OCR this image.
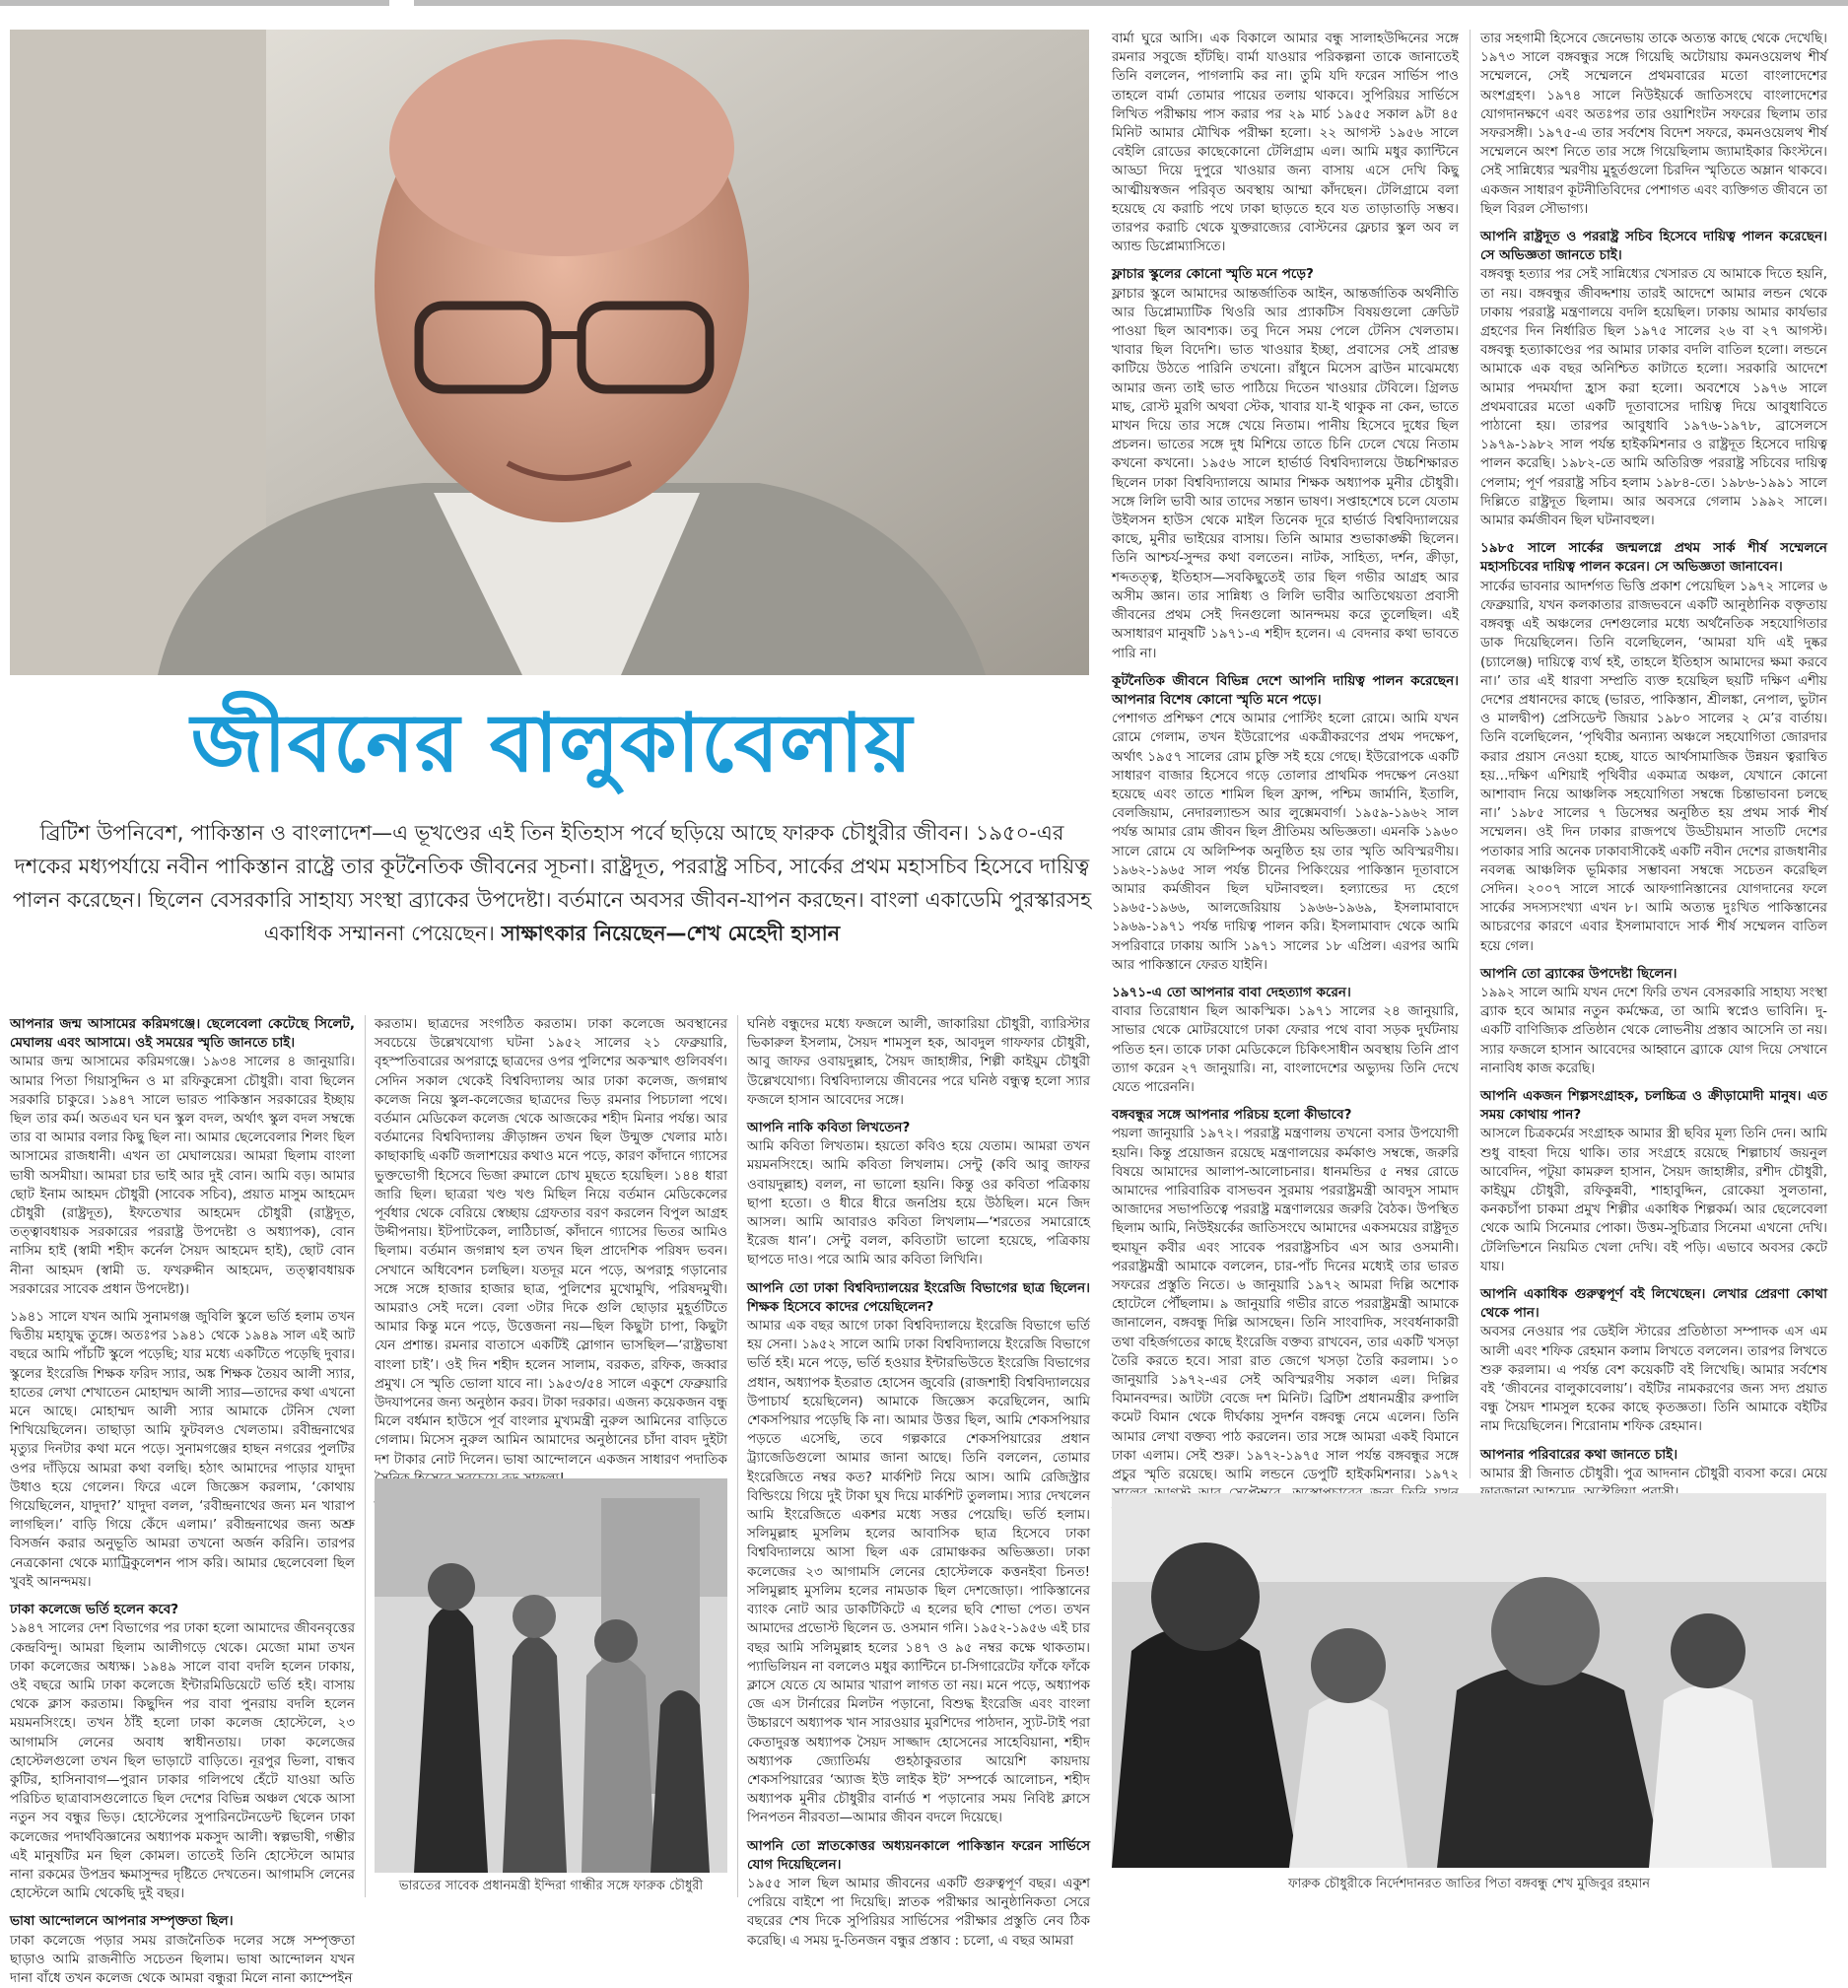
জীবনের বালুকাবেলায়
ব্রিটিশ উপনিবেশ, পাকিস্তান ও বাংলাদেশ—এ ভূখণ্ডের এই তিন ইতিহাস পর্বে ছড়িয়ে আছে ফারুক চৌধুরীর জীবন। ১৯৫০-এর দশকের মধ্যপর্যায়ে নবীন পাকিস্তান রাষ্ট্রে তার কূটনৈতিক জীবনের সূচনা। রাষ্ট্রদূত, পররাষ্ট্র সচিব, সার্কের প্রথম মহাসচিব হিসেবে দায়িত্ব পালন করেছেন। ছিলেন বেসরকারি সাহায্য সংস্থা ব্র্যাকের উপদেষ্টা। বর্তমানে অবসর জীবন-যাপন করছেন। বাংলা একাডেমি পুরস্কারসহ একাধিক সম্মাননা পেয়েছেন। সাক্ষাৎকার নিয়েছেন—শেখ মেহেদী হাসান
আপনার জন্ম আসামের করিমগঞ্জে। ছেলেবেলা কেটেছে সিলেট, মেঘালয় এবং আসামে। ওই সময়ের স্মৃতি জানতে চাই।

আমার জন্ম আসামের করিমগঞ্জে। ১৯৩৪ সালের ৪ জানুয়ারি। আমার পিতা গিয়াসুদ্দিন ও মা রফিকুন্নেসা চৌধুরী। বাবা ছিলেন সরকারি চাকুরে। ১৯৪৭ সালে ভারত পাকিস্তান সরকারের ইচ্ছায় ছিল তার কর্ম। অতএব ঘন ঘন স্কুল বদল, অর্থাৎ স্কুল বদল সম্বন্ধে তার বা আমার বলার কিছু ছিল না। আমার ছেলেবেলার শিলং ছিল আসামের রাজধানী। এখন তা মেঘালয়ের। আমরা ছিলাম বাংলা ভাষী অসমীয়া। আমরা চার ভাই আর দুই বোন। আমি বড়। আমার ছোট ইনাম আহমদ চৌধুরী (সাবেক সচিব), প্রয়াত মাসুম আহমেদ চৌধুরী (রাষ্ট্রদূত), ইফতেখার আহমেদ চৌধুরী (রাষ্ট্রদূত, তত্ত্বাবধায়ক সরকারের পররাষ্ট্র উপদেষ্টা ও অধ্যাপক), বোন নাসিম হাই (স্বামী শহীদ কর্নেল সৈয়দ আহমেদ হাই), ছোট বোন নীনা আহমদ (স্বামী ড. ফখরুদ্দীন আহমেদ, তত্ত্বাবধায়ক সরকারের সাবেক প্রধান উপদেষ্টা)।

১৯৪১ সালে যখন আমি সুনামগঞ্জ জুবিলি স্কুলে ভর্তি হলাম তখন দ্বিতীয় মহাযুদ্ধ তুঙ্গে। অতঃপর ১৯৪১ থেকে ১৯৪৯ সাল এই আট বছরে আমি পাঁচটি স্কুলে পড়েছি; যার মধ্যে একটিতে পড়েছি দুবার। স্কুলের ইংরেজি শিক্ষক ফরিদ স্যার, অঙ্ক শিক্ষক তৈয়ব আলী স্যার, হাতের লেখা শেখাতেন মোহাম্মদ আলী স্যার—তাদের কথা এখনো মনে আছে। মোহাম্মদ আলী স্যার আমাকে টেনিস খেলা শিখিয়েছিলেন। তাছাড়া আমি ফুটবলও খেলতাম। রবীন্দ্রনাথের মৃত্যুর দিনটার কথা মনে পড়ে। সুনামগঞ্জের হাছন নগরের পুলটির ওপর দাঁড়িয়ে আমরা কথা বলছি। হঠাৎ আমাদের পাড়ার যাদুদা উধাও হয়ে গেলেন। ফিরে এলে জিজ্ঞেস করলাম, ‘কোথায় গিয়েছিলেন, যাদুদা?’ যাদুদা বলল, ‘রবীন্দ্রনাথের জন্য মন খারাপ লাগছিল।’ বাড়ি গিয়ে কেঁদে এলাম।’ রবীন্দ্রনাথের জন্য অশ্রু বিসর্জন করার অনুভূতি আমরা তখনো অর্জন করিনি। তারপর নেত্রকোনা থেকে ম্যাট্রিকুলেশন পাস করি। আমার ছেলেবেলা ছিল খুবই আনন্দময়।

ঢাকা কলেজে ভর্তি হলেন কবে?

১৯৪৭ সালের দেশ বিভাগের পর ঢাকা হলো আমাদের জীবনবৃত্তের কেন্দ্রবিন্দু। আমরা ছিলাম আলীগড়ে থেকে। মেজো মামা তখন ঢাকা কলেজের অধ্যক্ষ। ১৯৪৯ সালে বাবা বদলি হলেন ঢাকায়, ওই বছরে আমি ঢাকা কলেজে ইন্টারমিডিয়েটে ভর্তি হই। বাসায় থেকে ক্লাস করতাম। কিছুদিন পর বাবা পুনরায় বদলি হলেন ময়মনসিংহে। তখন ঠাঁই হলো ঢাকা কলেজ হোস্টেলে, ২৩ আগামসি লেনের অবাধ স্বাধীনতায়। ঢাকা কলেজের হোস্টেলগুলো তখন ছিল ভাড়াটে বাড়িতে। নূরপুর ভিলা, বান্ধব কুটির, হাসিনাবাগ—পুরান ঢাকার গলিপথে হেঁটে যাওয়া অতি পরিচিত ছাত্রাবাসগুলোতে ছিল দেশের বিভিন্ন অঞ্চল থেকে আসা নতুন সব বন্ধুর ভিড়। হোস্টেলের সুপারিনটেনডেন্ট ছিলেন ঢাকা কলেজের পদার্থবিজ্ঞানের অধ্যাপক মকসুদ আলী। স্বল্পভাষী, গম্ভীর এই মানুষটির মন ছিল কোমল। তাতেই তিনি হোস্টেলে আমার নানা রকমের উপদ্রব ক্ষমাসুন্দর দৃষ্টিতে দেখতেন। আগামসি লেনের হোস্টেলে আমি থেকেছি দুই বছর।

ভাষা আন্দোলনে আপনার সম্পৃক্ততা ছিল।

ঢাকা কলেজে পড়ার সময় রাজনৈতিক দলের সঙ্গে সম্পৃক্ততা ছাড়াও আমি রাজনীতি সচেতন ছিলাম। ভাষা আন্দোলন যখন দানা বাঁধে তখন কলেজ থেকে আমরা বন্ধুরা মিলে নানা ক্যাম্পেইন

করতাম। ছাত্রদের সংগঠিত করতাম। ঢাকা কলেজে অবস্থানের সবচেয়ে উল্লেখযোগ্য ঘটনা ১৯৫২ সালের ২১ ফেব্রুয়ারি, বৃহস্পতিবারের অপরাহ্ণে ছাত্রদের ওপর পুলিশের অকস্মাৎ গুলিবর্ষণ। সেদিন সকাল থেকেই বিশ্ববিদ্যালয় আর ঢাকা কলেজ, জগন্নাথ কলেজ নিয়ে স্কুল-কলেজের ছাত্রদের ভিড় রমনার পিচঢালা পথে। বর্তমান মেডিকেল কলেজ থেকে আজকের শহীদ মিনার পর্যন্ত। আর বর্তমানের বিশ্ববিদ্যালয় ক্রীড়াঙ্গন তখন ছিল উন্মুক্ত খেলার মাঠ। কাছাকাছি একটি জলাশয়ের কথাও মনে পড়ে, কারণ কাঁদানে গ্যাসের ভুক্তভোগী হিসেবে ভিজা রুমালে চোখ মুছতে হয়েছিল। ১৪৪ ধারা জারি ছিল। ছাত্ররা খণ্ড খণ্ড মিছিল নিয়ে বর্তমান মেডিকেলের পূর্বধার থেকে বেরিয়ে স্বেচ্ছায় গ্রেফতার বরণ করলেন বিপুল আগ্রহ উদ্দীপনায়। ইটপাটকেল, লাঠিচার্জ, কাঁদানে গ্যাসের ভিতর আমিও ছিলাম। বর্তমান জগন্নাথ হল তখন ছিল প্রাদেশিক পরিষদ ভবন। সেখানে অধিবেশন চলছিল। যতদূর মনে পড়ে, অপরাহ্ণ গড়ানোর সঙ্গে সঙ্গে হাজার হাজার ছাত্র, পুলিশের মুখোমুখি, পরিষদমুখী। আমরাও সেই দলে। বেলা ৩টার দিকে গুলি ছোড়ার মুহূর্তটিতে আমার কিন্তু মনে পড়ে, উত্তেজনা নয়—ছিল কিছুটা চাপা, কিছুটা যেন প্রশান্ত। রমনার বাতাসে একটিই স্লোগান ভাসছিল—‘রাষ্ট্রভাষা বাংলা চাই’। ওই দিন শহীদ হলেন সালাম, বরকত, রফিক, জব্বার প্রমুখ। সে স্মৃতি ভোলা যাবে না। ১৯৫৩/৫৪ সালে একুশে ফেব্রুয়ারি উদযাপনের জন্য অনুষ্ঠান করব। টাকা দরকার। এজন্য কয়েকজন বন্ধু মিলে বর্ধমান হাউসে পূর্ব বাংলার মুখ্যমন্ত্রী নুরুল আমিনের বাড়িতে গেলাম। মিসেস নুরুল আমিন আমাদের অনুষ্ঠানের চাঁদা বাবদ দুইটা দশ টাকার নোট দিলেন। ভাষা আন্দোলনে একজন সাধারণ পদাতিক

ভারতের সাবেক প্রধানমন্ত্রী ইন্দিরা গান্ধীর সঙ্গে ফারুক চৌধুরী

ঘনিষ্ঠ বন্ধুদের মধ্যে ফজলে আলী, জাকারিয়া চৌধুরী, ব্যারিস্টার ভিকারুল ইসলাম, সৈয়দ শামসুল হক, আবদুল গাফফার চৌধুরী, আবু জাফর ওবায়দুল্লাহ, সৈয়দ জাহাঙ্গীর, শিল্পী কাইয়ুম চৌধুরী উল্লেখযোগ্য। বিশ্ববিদ্যালয়ে জীবনের পরে ঘনিষ্ঠ বন্ধুত্ব হলো স্যার ফজলে হাসান আবেদের সঙ্গে।

আপনি নাকি কবিতা লিখতেন?

আমি কবিতা লিখতাম। হয়তো কবিও হয়ে যেতাম। আমরা তখন ময়মনসিংহে। আমি কবিতা লিখলাম। সেন্টু (কবি আবু জাফর ওবায়দুল্লাহ) বলল, না ভালো হয়নি। কিন্তু ওর কবিতা পত্রিকায় ছাপা হতো। ও ধীরে ধীরে জনপ্রিয় হয়ে উঠছিল। মনে জিদ আসল। আমি আবারও কবিতা লিখলাম—‘শরতের সমারোহে ইরেজ ধান’। সেন্টু বলল, কবিতাটা ভালো হয়েছে, পত্রিকায় ছাপতে দাও। পরে আমি আর কবিতা লিখিনি।

আপনি তো ঢাকা বিশ্ববিদ্যালয়ের ইংরেজি বিভাগের ছাত্র ছিলেন। শিক্ষক হিসেবে কাদের পেয়েছিলেন?

আমার এক বছর আগে ঢাকা বিশ্ববিদ্যালয়ে ইংরেজি বিভাগে ভর্তি হয় সেনা। ১৯৫২ সালে আমি ঢাকা বিশ্ববিদ্যালয়ে ইংরেজি বিভাগে ভর্তি হই। মনে পড়ে, ভর্তি হওয়ার ইন্টারভিউতে ইংরেজি বিভাগের প্রধান, অধ্যাপক ইতরাত হোসেন জুবেরি (রাজশাহী বিশ্ববিদ্যালয়ের উপাচার্য হয়েছিলেন) আমাকে জিজ্ঞেস করেছিলেন, আমি শেকসপিয়ার পড়েছি কি না। আমার উত্তর ছিল, আমি শেকসপিয়ার পড়তে এসেছি, তবে গল্পকারে শেকসপিয়ারের প্রধান ট্র্যাজেডিগুলো আমার জানা আছে। তিনি বললেন, তোমার ইংরেজিতে নম্বর কত? মার্কশিট নিয়ে আস। আমি রেজিস্ট্রার বিল্ডিংয়ে গিয়ে দুই টাকা ঘুষ দিয়ে মার্কশিট তুললাম। স্যার দেখলেন আমি ইংরেজিতে একশর মধ্যে সত্তর পেয়েছি। ভর্তি হলাম। সলিমুল্লাহ মুসলিম হলের আবাসিক ছাত্র হিসেবে ঢাকা বিশ্ববিদ্যালয়ে আসা ছিল এক রোমাঞ্চকর অভিজ্ঞতা। ঢাকা কলেজের ২৩ আগামসি লেনের হোস্টেলকে কত্তনইবা চিনত! সলিমুল্লাহ মুসলিম হলের নামডাক ছিল দেশজোড়া। পাকিস্তানের ব্যাংক নোট আর ডাকটিকিটে এ হলের ছবি শোভা পেত। তখন আমাদের প্রভোস্ট ছিলেন ড. ওসমান গনি। ১৯৫২-১৯৫৬ এই চার বছর আমি সলিমুল্লাহ হলের ১৪৭ ও ৯৫ নম্বর কক্ষে থাকতাম। প্যাভিলিয়ন না বললেও মধুর ক্যান্টিনে চা-সিগারেটের ফাঁকে ফাঁকে ক্লাসে যেতে যে আমার খারাপ লাগত তা নয়। মনে পড়ে, অধ্যাপক জে এস টার্নারের মিলটন পড়ানো, বিশুদ্ধ ইংরেজি এবং বাংলা উচ্চারণে অধ্যাপক খান সারওয়ার মুরশিদের পাঠদান, স্যুট-টাই পরা কেতাদুরস্ত অধ্যাপক সৈয়দ সাজ্জাদ হোসেনের সাহেবিয়ানা, শহীদ অধ্যাপক জ্যোতির্ময় গুহঠাকুরতার আয়েশি কায়দায় শেকসপিয়ারের ‘অ্যাজ ইউ লাইক ইট’ সম্পর্কে আলোচন, শহীদ অধ্যাপক মুনীর চৌধুরীর বার্নার্ড শ পড়ানোর সময় নিবিষ্ট ক্লাসে পিনপতন নীরবতা—আমার জীবন বদলে দিয়েছে।

আপনি তো স্নাতকোত্তর অধ্যয়নকালে পাকিস্তান ফরেন সার্ভিসে যোগ দিয়েছিলেন।

১৯৫৫ সাল ছিল আমার জীবনের একটি গুরুত্বপূর্ণ বছর। একুশ পেরিয়ে বাইশে পা দিয়েছি। স্নাতক পরীক্ষার আনুষ্ঠানিকতা সেরে বছরের শেষ দিকে সুপিরিয়র সার্ভিসের পরীক্ষার প্রস্তুতি নেব ঠিক করেছি। এ সময় দু-তিনজন বন্ধুর প্রস্তাব : চলো, এ বছর আমরা

বার্মা ঘুরে আসি। এক বিকালে আমার বন্ধু সালাহউদ্দিনের সঙ্গে রমনার সবুজে হাঁটছি। বার্মা যাওয়ার পরিকল্পনা তাকে জানাতেই তিনি বললেন, পাগলামি কর না। তুমি যদি ফরেন সার্ভিস পাও তাহলে বার্মা তোমার পায়ের তলায় থাকবে। সুপিরিয়র সার্ভিসে লিখিত পরীক্ষায় পাস করার পর ২৯ মার্চ ১৯৫৫ সকাল ৯টা ৪৫ মিনিট আমার মৌখিক পরীক্ষা হলো। ২২ আগস্ট ১৯৫৬ সালে বেইলি রোডের কাছেকোনো টেলিগ্রাম এল। আমি মধুর ক্যান্টিনে আড্ডা দিয়ে দুপুরে খাওয়ার জন্য বাসায় এসে দেখি কিছু আত্মীয়স্বজন পরিবৃত অবস্থায় আম্মা কাঁদছেন। টেলিগ্রামে বলা হয়েছে যে করাচি পথে ঢাকা ছাড়তে হবে যত তাড়াতাড়ি সম্ভব। তারপর করাচি থেকে যুক্তরাজ্যের বোস্টনের ফ্লেচার স্কুল অব ল অ্যান্ড ডিপ্লোম্যাসিতে।

ফ্লাচার স্কুলের কোনো স্মৃতি মনে পড়ে?

ফ্লাচার স্কুলে আমাদের আন্তর্জাতিক আইন, আন্তর্জাতিক অর্থনীতি আর ডিপ্লোম্যাটিক থিওরি আর প্র্যাকটিস বিষয়গুলো ক্রেডিট পাওয়া ছিল আবশ্যক। তবু দিনে সময় পেলে টেনিস খেলতাম। খাবার ছিল বিদেশি। ভাত খাওয়ার ইচ্ছা, প্রবাসের সেই প্রারম্ভ কাটিয়ে উঠতে পারিনি তখনো। রাঁধুনে মিসেস ব্রাউন মাঝেমধ্যে আমার জন্য তাই ভাত পাঠিয়ে দিতেন খাওয়ার টেবিলে। গ্রিলড মাছ, রোস্ট মুরগি অথবা স্টেক, খাবার যা-ই থাকুক না কেন, ভাতে মাখন দিয়ে তার সঙ্গে খেয়ে নিতাম। পানীয় হিসেবে দুধের ছিল প্রচলন। ভাতের সঙ্গে দুধ মিশিয়ে তাতে চিনি ঢেলে খেয়ে নিতাম কখনো কখনো। ১৯৫৬ সালে হার্ভার্ড বিশ্ববিদ্যালয়ে উচ্চশিক্ষারত ছিলেন ঢাকা বিশ্ববিদ্যালয়ে আমার শিক্ষক অধ্যাপক মুনীর চৌধুরী। সঙ্গে লিলি ভাবী আর তাদের সন্তান ভাষণ। সপ্তাহশেষে চলে যেতাম উইলসন হাউস থেকে মাইল তিনেক দূরে হার্ভার্ড বিশ্ববিদ্যালয়ের কাছে, মুনীর ভাইয়ের বাসায়। তিনি আমার শুভাকাঙ্ক্ষী ছিলেন। তিনি আশ্চর্য-সুন্দর কথা বলতেন। নাটক, সাহিত্য, দর্শন, ক্রীড়া, শব্দতত্ত্ব, ইতিহাস—সবকিছুতেই তার ছিল গভীর আগ্রহ আর অসীম জ্ঞান। তার সান্নিধ্য ও লিলি ভাবীর আতিথেয়তা প্রবাসী জীবনের প্রথম সেই দিনগুলো আনন্দময় করে তুলেছিল। এই অসাধারণ মানুষটি ১৯৭১-এ শহীদ হলেন। এ বেদনার কথা ভাবতে পারি না।

কূটনৈতিক জীবনে বিভিন্ন দেশে আপনি দায়িত্ব পালন করেছেন। আপনার বিশেষ কোনো স্মৃতি মনে পড়ে।

পেশাগত প্রশিক্ষণ শেষে আমার পোস্টিং হলো রোমে। আমি যখন রোমে গেলাম, তখন ইউরোপের একত্রীকরণের প্রথম পদক্ষেপ, অর্থাৎ ১৯৫৭ সালের রোম চুক্তি সই হয়ে গেছে। ইউরোপকে একটি সাধারণ বাজার হিসেবে গড়ে তোলার প্রাথমিক পদক্ষেপ নেওয়া হয়েছে এবং তাতে শামিল ছিল ফ্রান্স, পশ্চিম জার্মানি, ইতালি, বেলজিয়াম, নেদারল্যান্ডস আর লুক্সেমবার্গ। ১৯৫৯-১৯৬২ সাল পর্যন্ত আমার রোম জীবন ছিল প্রীতিময় অভিজ্ঞতা। এমনকি ১৯৬০ সালে রোমে যে অলিম্পিক অনুষ্ঠিত হয় তার স্মৃতি অবিস্মরণীয়। ১৯৬২-১৯৬৫ সাল পর্যন্ত চীনের পিকিংয়ের পাকিস্তান দূতাবাসে আমার কর্মজীবন ছিল ঘটনাবহুল। হল্যান্ডের দ্য হেগে ১৯৬৫-১৯৬৬, আলজেরিয়ায় ১৯৬৬-১৯৬৯, ইসলামাবাদে ১৯৬৯-১৯৭১ পর্যন্ত দায়িত্ব পালন করি। ইসলামাবাদ থেকে আমি সপরিবারে ঢাকায় আসি ১৯৭১ সালের ১৮ এপ্রিল। এরপর আমি আর পাকিস্তানে ফেরত যাইনি।

১৯৭১-এ তো আপনার বাবা দেহত্যাগ করেন।

বাবার তিরোধান ছিল আকস্মিক। ১৯৭১ সালের ২৪ জানুয়ারি, সাভার থেকে মোটরযোগে ঢাকা ফেরার পথে বাবা সড়ক দুর্ঘটনায় পতিত হন। তাকে ঢাকা মেডিকেলে চিকিৎসাধীন অবস্থায় তিনি প্রাণ ত্যাগ করেন ২৭ জানুয়ারি। না, বাংলাদেশের অভ্যুদয় তিনি দেখে যেতে পারেননি।

বঙ্গবন্ধুর সঙ্গে আপনার পরিচয় হলো কীভাবে?

পয়লা জানুয়ারি ১৯৭২। পররাষ্ট্র মন্ত্রণালয় তখনো বসার উপযোগী হয়নি। কিন্তু প্রয়োজন রয়েছে মন্ত্রণালয়ের কর্মকাণ্ড সম্বন্ধে, জরুরি বিষয়ে আমাদের আলাপ-আলোচনার। ধানমন্ডির ৫ নম্বর রোডে আমাদের পারিবারিক বাসভবন সুরমায় পররাষ্ট্রমন্ত্রী আবদুস সামাদ আজাদের সভাপতিত্বে পররাষ্ট্র মন্ত্রণালয়ের জরুরি বৈঠক। উপস্থিত ছিলাম আমি, নিউইয়র্কের জাতিসংঘে আমাদের একসময়ের রাষ্ট্রদূত হুমায়ূন কবীর এবং সাবেক পররাষ্ট্রসচিব এস আর ওসমানী। পররাষ্ট্রমন্ত্রী আমাকে বললেন, চার-পাঁচ দিনের মধ্যেই তার ভারত সফরের প্রস্তুতি নিতে। ৬ জানুয়ারি ১৯৭২ আমরা দিল্লি অশোক হোটেলে পৌঁছলাম। ৯ জানুয়ারি গভীর রাতে পররাষ্ট্রমন্ত্রী আমাকে জানালেন, বঙ্গবন্ধু দিল্লি আসছেন। তিনি সাংবাদিক, সংবর্ধনাকারী তথা বহির্জগতের কাছে ইংরেজি বক্তব্য রাখবেন, তার একটি খসড়া তৈরি করতে হবে। সারা রাত জেগে খসড়া তৈরি করলাম। ১০ জানুয়ারি ১৯৭২-এর সেই অবিস্মরণীয় সকাল এল। দিল্লির বিমানবন্দর। আটটা বেজে দশ মিনিট। ব্রিটিশ প্রধানমন্ত্রীর রুপালি কমেট বিমান থেকে দীর্ঘকায় সুদর্শন বঙ্গবন্ধু নেমে এলেন। তিনি আমার লেখা বক্তব্য পাঠ করলেন। তার সঙ্গে আমরা একই বিমানে ঢাকা এলাম। সেই শুরু। ১৯৭২-১৯৭৫ সাল পর্যন্ত বঙ্গবন্ধুর সঙ্গে প্রচুর স্মৃতি রয়েছে। আমি লন্ডনে ডেপুটি হাইকমিশনার। ১৯৭২

তার সহগামী হিসেবে জেনেভায় তাকে অত্যন্ত কাছে থেকে দেখেছি। ১৯৭৩ সালে বঙ্গবন্ধুর সঙ্গে গিয়েছি অটোয়ায় কমনওয়েলথ শীর্ষ সম্মেলনে, সেই সম্মেলনে প্রথমবারের মতো বাংলাদেশের অংশগ্রহণ। ১৯৭৪ সালে নিউইয়র্কে জাতিসংঘে বাংলাদেশের যোগদানক্ষণে এবং অতঃপর তার ওয়াশিংটন সফরের ছিলাম তার সফরসঙ্গী। ১৯৭৫-এ তার সর্বশেষ বিদেশ সফরে, কমনওয়েলথ শীর্ষ সম্মেলনে অংশ নিতে তার সঙ্গে গিয়েছিলাম জ্যামাইকার কিংস্টনে। সেই সান্নিধ্যের স্মরণীয় মুহূর্তগুলো চিরদিন স্মৃতিতে অম্লান থাকবে। একজন সাধারণ কূটনীতিবিদের পেশাগত এবং ব্যক্তিগত জীবনে তা ছিল বিরল সৌভাগ্য।

আপনি রাষ্ট্রদূত ও পররাষ্ট্র সচিব হিসেবে দায়িত্ব পালন করেছেন। সে অভিজ্ঞতা জানতে চাই।

বঙ্গবন্ধু হত্যার পর সেই সান্নিধ্যের খেসারত যে আমাকে দিতে হয়নি, তা নয়। বঙ্গবন্ধুর জীবদ্দশায় তারই আদেশে আমার লন্ডন থেকে ঢাকায় পররাষ্ট্র মন্ত্রণালয়ে বদলি হয়েছিল। ঢাকায় আমার কার্যভার গ্রহণের দিন নির্ধারিত ছিল ১৯৭৫ সালের ২৬ বা ২৭ আগস্ট। বঙ্গবন্ধু হত্যাকাণ্ডের পর আমার ঢাকার বদলি বাতিল হলো। লন্ডনে আমাকে এক বছর অনিশ্চিত কাটাতে হলো। সরকারি আদেশে আমার পদমর্যাদা হ্রাস করা হলো। অবশেষে ১৯৭৬ সালে প্রথমবারের মতো একটি দূতাবাসের দায়িত্ব দিয়ে আবুধাবিতে পাঠানো হয়। তারপর আবুধাবি ১৯৭৬-১৯৭৮, ব্রাসেলসে ১৯৭৯-১৯৮২ সাল পর্যন্ত হাইকমিশনার ও রাষ্ট্রদূত হিসেবে দায়িত্ব পালন করেছি। ১৯৮২-তে আমি অতিরিক্ত পররাষ্ট্র সচিবের দায়িত্ব পেলাম; পূর্ণ পররাষ্ট্র সচিব হলাম ১৯৮৪-তে। ১৯৮৬-১৯৯১ সালে দিল্লিতে রাষ্ট্রদূত ছিলাম। আর অবসরে গেলাম ১৯৯২ সালে। আমার কর্মজীবন ছিল ঘটনাবহুল।

১৯৮৫ সালে সার্কের জন্মলগ্নে প্রথম সার্ক শীর্ষ সম্মেলনে মহাসচিবের দায়িত্ব পালন করেন। সে অভিজ্ঞতা জানাবেন।

সার্কের ভাবনার আদর্শগত ভিত্তি প্রকাশ পেয়েছিল ১৯৭২ সালের ৬ ফেব্রুয়ারি, যখন কলকাতার রাজভবনে একটি আনুষ্ঠানিক বক্তৃতায় বঙ্গবন্ধু এই অঞ্চলের দেশগুলোর মধ্যে অর্থনৈতিক সহযোগিতার ডাক দিয়েছিলেন। তিনি বলেছিলেন, ‘আমরা যদি এই দুষ্কর (চ্যালেঞ্জ) দায়িত্বে ব্যর্থ হই, তাহলে ইতিহাস আমাদের ক্ষমা করবে না।’ তার এই ধারণা সম্প্রতি ব্যক্ত হয়েছিল ছয়টি দক্ষিণ এশীয় দেশের প্রধানদের কাছে (ভারত, পাকিস্তান, শ্রীলঙ্কা, নেপাল, ভুটান ও মালদ্বীপ) প্রেসিডেন্ট জিয়ার ১৯৮০ সালের ২ মে’র বার্তায়। তিনি বলেছিলেন, ‘পৃথিবীর অন্যান্য অঞ্চলে সহযোগিতা জোরদার করার প্রয়াস নেওয়া হচ্ছে, যাতে আর্থসামাজিক উন্নয়ন ত্বরান্বিত হয়…দক্ষিণ এশিয়াই পৃথিবীর একমাত্র অঞ্চল, যেখানে কোনো আশাবাদ নিয়ে আঞ্চলিক সহযোগিতা সম্বন্ধে চিন্তাভাবনা চলছে না।’ ১৯৮৫ সালের ৭ ডিসেম্বর অনুষ্ঠিত হয় প্রথম সার্ক শীর্ষ সম্মেলন। ওই দিন ঢাকার রাজপথে উড্ডীয়মান সাতটি দেশের পতাকার সারি অনেক ঢাকাবাসীকেই একটি নবীন দেশের রাজধানীর নবলব্ধ আঞ্চলিক ভূমিকার সম্ভাবনা সম্বন্ধে সচেতন করেছিল সেদিন। ২০০৭ সালে সার্কে আফগানিস্তানের যোগদানের ফলে সার্কের সদস্যসংখ্যা এখন ৮। আমি অত্যন্ত দুঃখিত পাকিস্তানের আচরণের কারণে এবার ইসলামাবাদে সার্ক শীর্ষ সম্মেলন বাতিল হয়ে গেল।

আপনি তো ব্র্যাকের উপদেষ্টা ছিলেন।

১৯৯২ সালে আমি যখন দেশে ফিরি তখন বেসরকারি সাহায্য সংস্থা ব্র্যাক হবে আমার নতুন কর্মক্ষেত্র, তা আমি স্বপ্নেও ভাবিনি। দু-একটি বাণিজ্যিক প্রতিষ্ঠান থেকে লোভনীয় প্রস্তাব আসেনি তা নয়। স্যার ফজলে হাসান আবেদের আহ্বানে ব্র্যাকে যোগ দিয়ে সেখানে নানাবিধ কাজ করেছি।

আপনি একজন শিল্পসংগ্রাহক, চলচ্চিত্র ও ক্রীড়ামোদী মানুষ। এত সময় কোথায় পান?

আসলে চিত্রকর্মের সংগ্রাহক আমার স্ত্রী ছবির মূল্য তিনি দেন। আমি শুধু বাহবা দিয়ে থাকি। তার সংগ্রহে রয়েছে শিল্পাচার্য জয়নুল আবেদিন, পটুয়া কামরুল হাসান, সৈয়দ জাহাঙ্গীর, রশীদ চৌধুরী, কাইয়ুম চৌধুরী, রফিকুন্নবী, শাহাবুদ্দিন, রোকেয়া সুলতানা, কনকচাঁপা চাকমা প্রমুখ শিল্পীর একাধিক শিল্পকর্ম। আর ছেলেবেলা থেকে আমি সিনেমার পোকা। উত্তম-সুচিত্রার সিনেমা এখনো দেখি। টেলিভিশনে নিয়মিত খেলা দেখি। বই পড়ি। এভাবে অবসর কেটে যায়।

আপনি একাধিক গুরুত্বপূর্ণ বই লিখেছেন। লেখার প্রেরণা কোথা থেকে পান।

অবসর নেওয়ার পর ডেইলি স্টারের প্রতিষ্ঠাতা সম্পাদক এস এম আলী এবং শফিক রেহমান কলাম লিখতে বললেন। তারপর লিখতে শুরু করলাম। এ পর্যন্ত বেশ কয়েকটি বই লিখেছি। আমার সর্বশেষ বই ‘জীবনের বালুকাবেলায়’। বইটির নামকরণের জন্য সদ্য প্রয়াত বন্ধু সৈয়দ শামসুল হকের কাছে কৃতজ্ঞতা। তিনি আমাকে বইটির নাম দিয়েছিলেন। শিরোনাম শফিক রেহমান।

আপনার পরিবারের কথা জানতে চাই।

আমার স্ত্রী জিনাত চৌধুরী। পুত্র আদনান চৌধুরী ব্যবসা করে। মেয়ে

ফারুক চৌধুরীকে নির্দেশদানরত জাতির পিতা বঙ্গবন্ধু শেখ মুজিবুর রহমান
